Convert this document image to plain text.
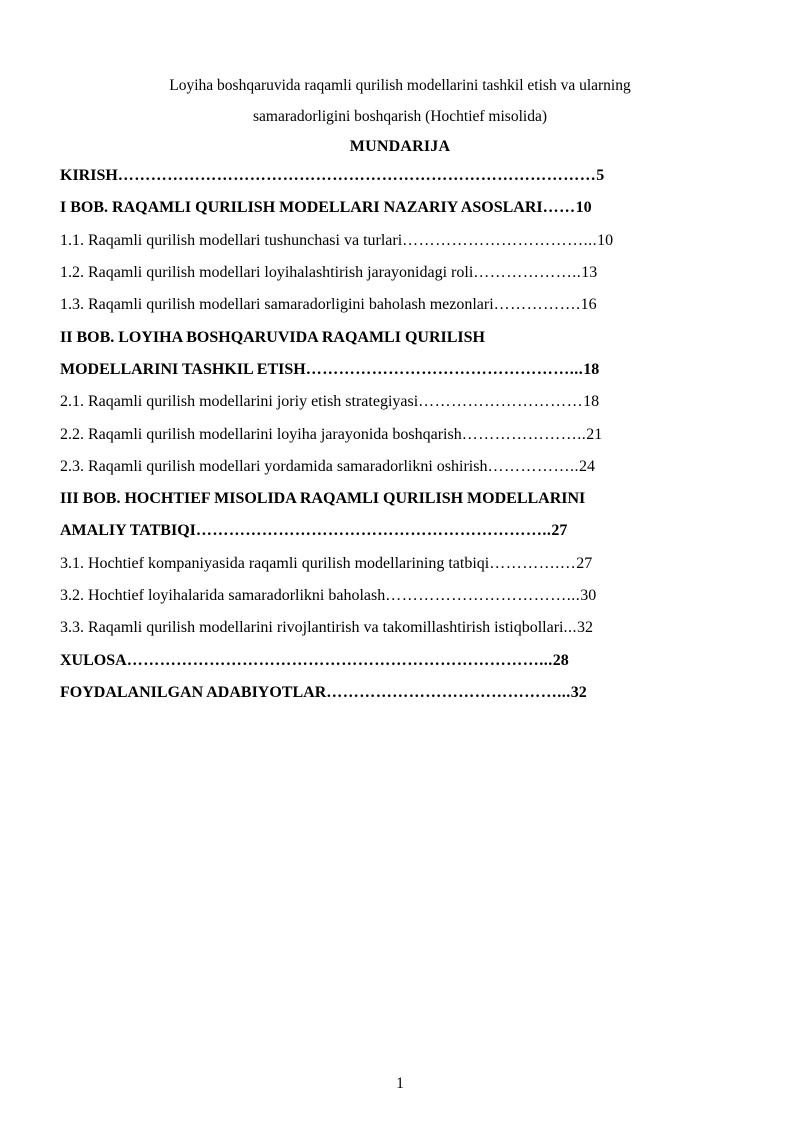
Loyiha boshqaruvida raqamli qurilish modellarini tashkil etish va ularning
samaradorligini boshqarish (Hochtief misolida)
MUNDARIJA
KIRISH …………………………………………………………………………… 5
I BOB. RAQAMLI QURILISH MODELLARI NAZARIY ASOSLARI …… 10
1.1. Raqamli qurilish modellari tushunchasi va turlari ……………………………... 10
1.2. Raqamli qurilish modellari loyihalashtirish jarayonidagi roli ……………….. 13
1.3. Raqamli qurilish modellari samaradorligini baholash mezonlari ……………. 16
II BOB. LOYIHA BOSHQARUVIDA RAQAMLI QURILISH
MODELLARINI TASHKIL ETISH …………………………………………... 18
2.1. Raqamli qurilish modellarini joriy etish strategiyasi ………………………… 18
2.2. Raqamli qurilish modellarini loyiha jarayonida boshqarish ………………….. 21
2.3. Raqamli qurilish modellari yordamida samaradorlikni oshirish …………….. 24
III BOB. HOCHTIEF MISOLIDA RAQAMLI QURILISH MODELLARINI
AMALIY TATBIQI ……………………………………………………….. 27
3.1. Hochtief kompaniyasida raqamli qurilish modellarining tatbiqi ………….… 27
3.2. Hochtief loyihalarida samaradorlikni baholash ……………………………... 30
3.3. Raqamli qurilish modellarini rivojlantirish va takomillashtirish istiqbollari ... 32
XULOSA …………………………………………………………………... 28
FOYDALANILGAN ADABIYOTLAR ……………………………………... 32
1
